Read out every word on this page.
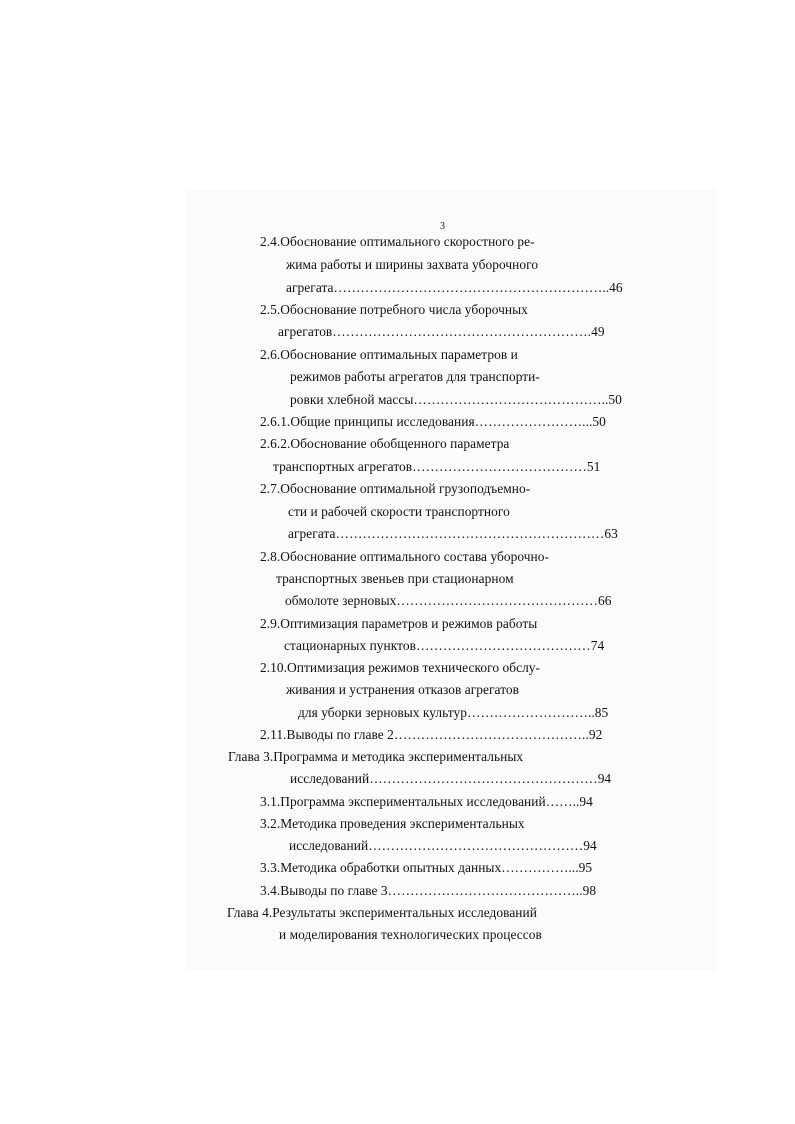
3
2.4.Обоснование оптимального скоростного ре-
жима работы и ширины захвата уборочного
агрегата……………………………………………………..46
2.5.Обоснование потребного числа уборочных
агрегатов………………………………………………….49
2.6.Обоснование оптимальных параметров и
режимов работы агрегатов для транспорти-
ровки хлебной массы……………………………………..50
2.6.1.Общие принципы исследования……………………...50
2.6.2.Обоснование обобщенного параметра
транспортных агрегатов…………………………………51
2.7.Обоснование оптимальной грузоподъемно-
сти и рабочей скорости транспортного
агрегата……………………………………………………63
2.8.Обоснование оптимального состава уборочно-
транспортных звеньев при стационарном
обмолоте зерновых………………………………………66
2.9.Оптимизация параметров и режимов работы
стационарных пунктов…………………………………74
2.10.Оптимизация режимов технического обслу-
живания и устранения отказов агрегатов
для уборки зерновых культур………………………..85
2.11.Выводы по главе 2……………………………………..92
Глава 3.Программа и методика экспериментальных
исследований……………………………………………94
3.1.Программа экспериментальных исследований……..94
3.2.Методика проведения экспериментальных
исследований…………………………………………94
3.3.Методика обработки опытных данных……………...95
3.4.Выводы по главе 3……………………………………..98
Глава 4.Результаты экспериментальных исследований
и моделирования технологических процессов
